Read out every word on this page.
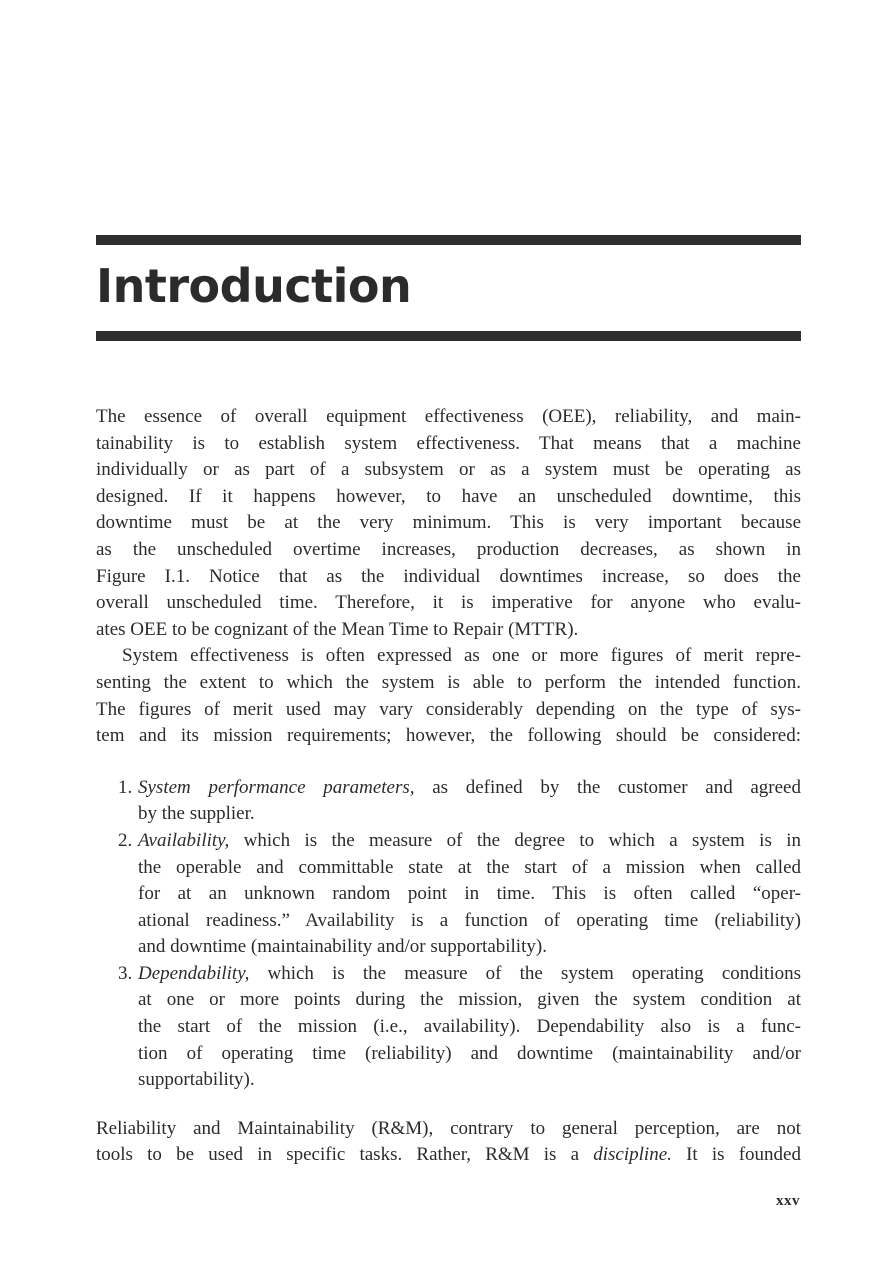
Introduction
The essence of overall equipment effectiveness (OEE), reliability, and main-
tainability is to establish system effectiveness. That means that a machine
individually or as part of a subsystem or as a system must be operating as
designed. If it happens however, to have an unscheduled downtime, this
downtime must be at the very minimum. This is very important because
as the unscheduled overtime increases, production decreases, as shown in
Figure I.1. Notice that as the individual downtimes increase, so does the
overall unscheduled time. Therefore, it is imperative for anyone who evalu-
ates OEE to be cognizant of the Mean Time to Repair (MTTR).
System effectiveness is often expressed as one or more figures of merit repre-
senting the extent to which the system is able to perform the intended function.
The figures of merit used may vary considerably depending on the type of sys-
tem and its mission requirements; however, the following should be considered:
1. System performance parameters, as defined by the customer and agreed
by the supplier.
2. Availability, which is the measure of the degree to which a system is in
the operable and committable state at the start of a mission when called
for at an unknown random point in time. This is often called “oper-
ational readiness.” Availability is a function of operating time (reliability)
and downtime (maintainability and/or supportability).
3. Dependability, which is the measure of the system operating conditions
at one or more points during the mission, given the system condition at
the start of the mission (i.e., availability). Dependability also is a func-
tion of operating time (reliability) and downtime (maintainability and/or
supportability).
Reliability and Maintainability (R&M), contrary to general perception, are not
tools to be used in specific tasks. Rather, R&M is a discipline. It is founded
xxv
